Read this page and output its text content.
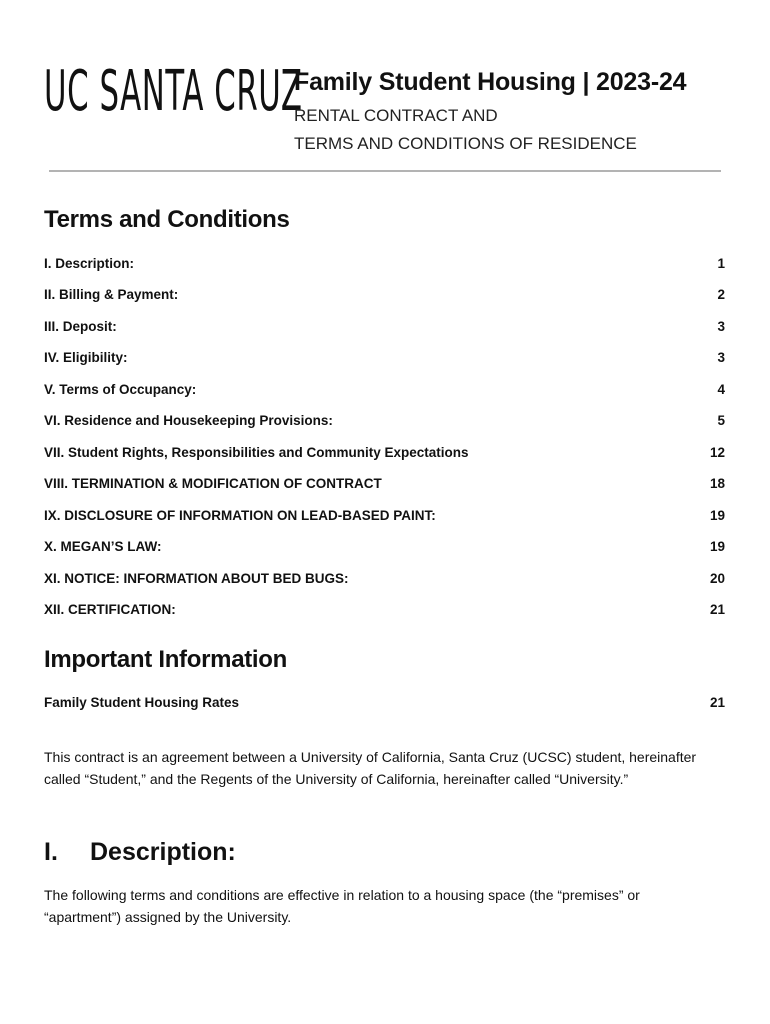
UC SANTA CRUZ
Family Student Housing | 2023-24
RENTAL CONTRACT AND
TERMS AND CONDITIONS OF RESIDENCE
Terms and Conditions
I. Description:	1
II. Billing & Payment:	2
III. Deposit:	3
IV. Eligibility:	3
V. Terms of Occupancy:	4
VI. Residence and Housekeeping Provisions:	5
VII. Student Rights, Responsibilities and Community Expectations	12
VIII. TERMINATION & MODIFICATION OF CONTRACT	18
IX. DISCLOSURE OF INFORMATION ON LEAD-BASED PAINT:	19
X. MEGAN’S LAW:	19
XI. NOTICE: INFORMATION ABOUT BED BUGS:	20
XII. CERTIFICATION:	21
Important Information
Family Student Housing Rates	21

This contract is an agreement between a University of California, Santa Cruz (UCSC) student, hereinafter called “Student,” and the Regents of the University of California, hereinafter called “University.”

I. Description:

The following terms and conditions are effective in relation to a housing space (the “premises” or “apartment”) assigned by the University.
